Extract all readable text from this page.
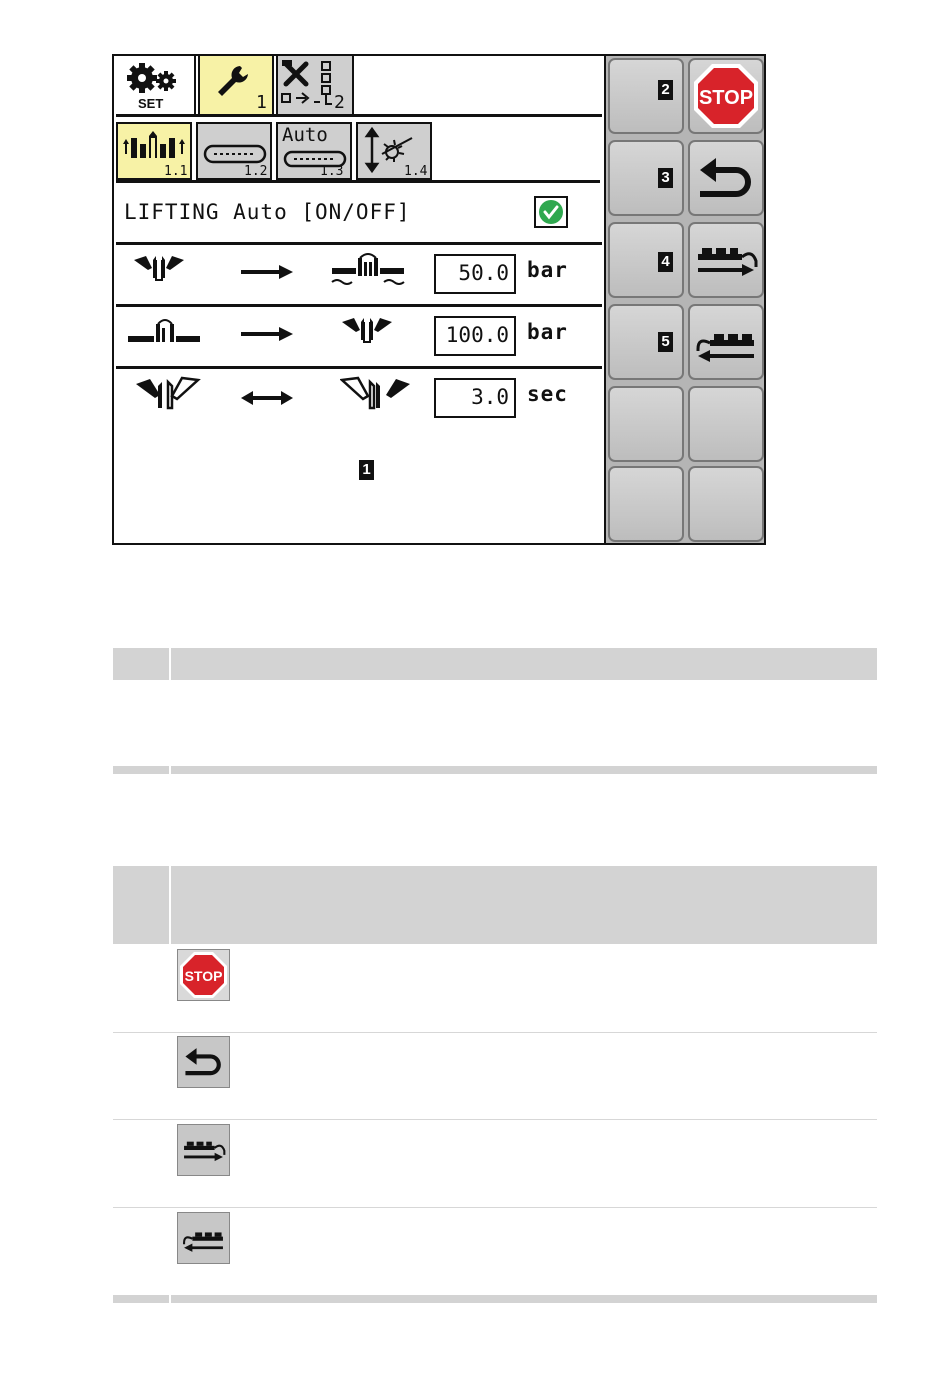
SET	1	2
1.1	1.2
Auto
1.3	1.4
LIFTING Auto [ON/OFF]
50.0 bar
100.0 bar
3.0 sec
1
STOP
2
3
4
5
STOP
